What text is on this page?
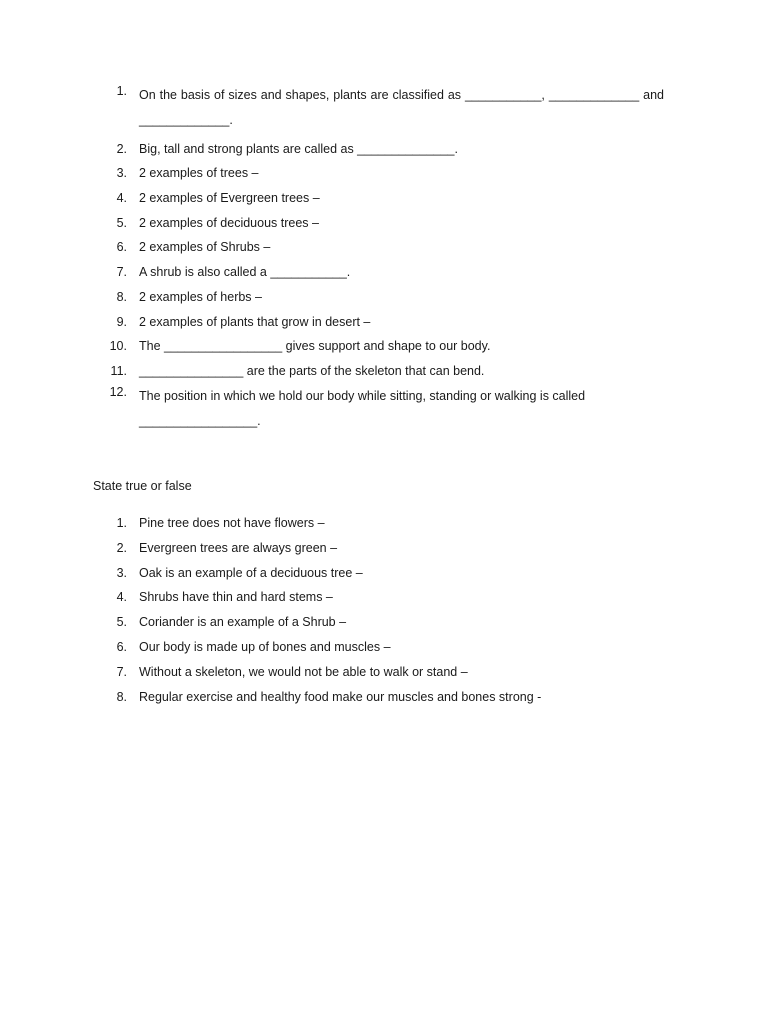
1. On the basis of sizes and shapes, plants are classified as ___________, _____________ and _____________.
2. Big, tall and strong plants are called as ______________.
3. 2 examples of trees –
4. 2 examples of Evergreen trees –
5. 2 examples of deciduous trees –
6. 2 examples of Shrubs –
7. A shrub is also called a ___________.
8. 2 examples of herbs –
9. 2 examples of plants that grow in desert –
10. The _________________ gives support and shape to our body.
11. _______________ are the parts of the skeleton that can bend.
12. The position in which we hold our body while sitting, standing or walking is called _________________.
State true or false
1. Pine tree does not have flowers –
2. Evergreen trees are always green –
3. Oak is an example of a deciduous tree –
4. Shrubs have thin and hard stems –
5. Coriander is an example of a Shrub –
6. Our body is made up of bones and muscles –
7. Without a skeleton, we would not be able to walk or stand –
8. Regular exercise and healthy food make our muscles and bones strong -
